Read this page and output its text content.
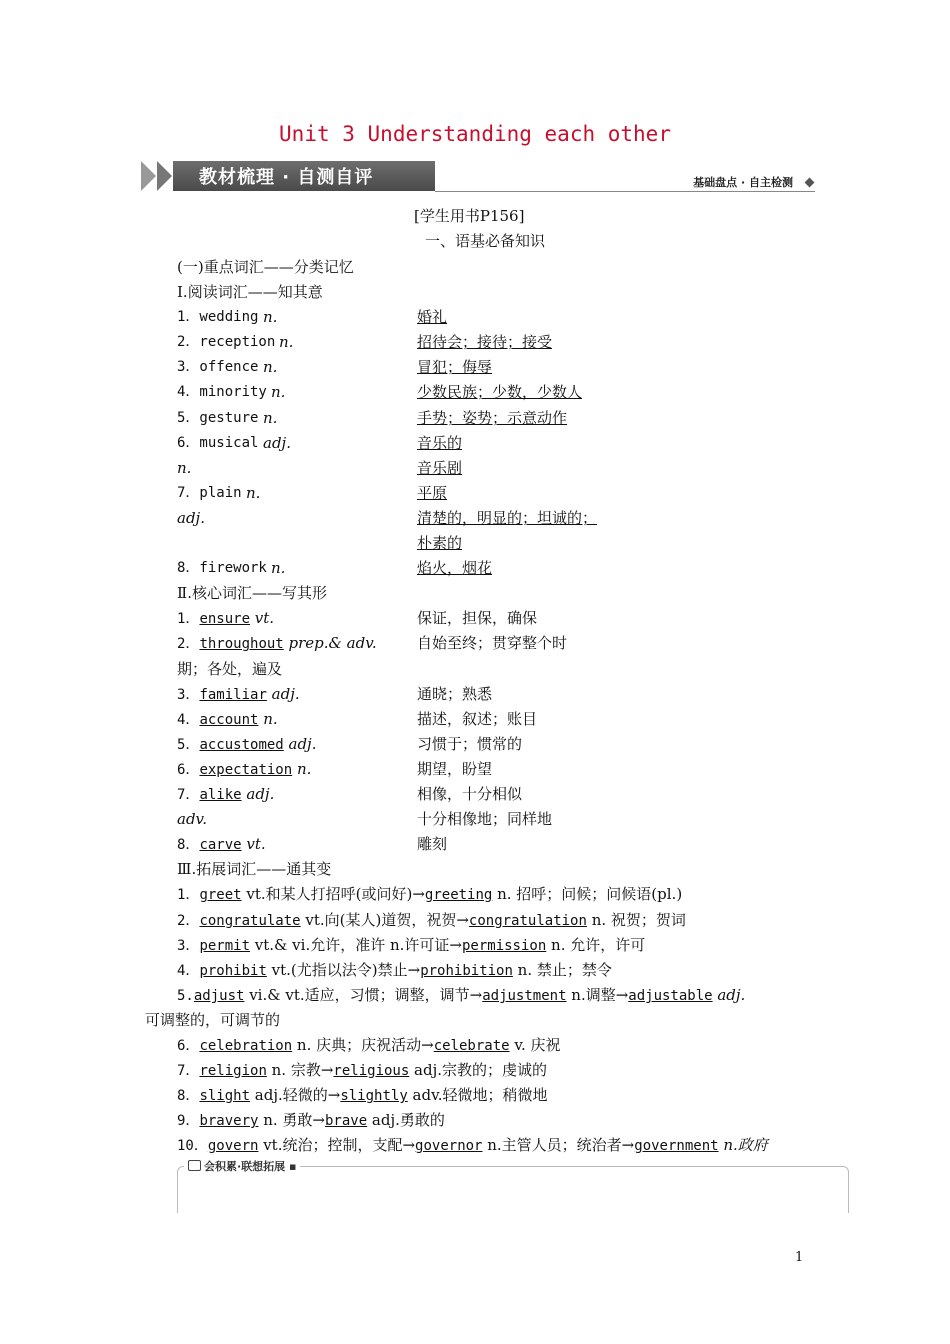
Unit 3 Understanding each other
教材梳理 · 自测自评	基础盘点 · 自主检测
[学生用书P156]
一、语基必备知识
(一)重点词汇——分类记忆
Ⅰ.阅读词汇——知其意
1．wedding n.	婚礼
2．reception n.	招待会；接待；接受
3．offence n.	冒犯；侮辱
4．minority n.	少数民族；少数，少数人
5．gesture n.	手势；姿势；示意动作
6．musical adj.	音乐的
n.	音乐剧
7．plain n.	平原
adj.	清楚的，明显的；坦诚的；
朴素的
8．firework n.	焰火，烟花
Ⅱ.核心词汇——写其形
1．ensure vt.	保证，担保，确保
2．throughout prep.& adv.	自始至终；贯穿整个时
期；各处，遍及
3．familiar adj.	通晓；熟悉
4．account n.	描述，叙述；账目
5．accustomed adj.	习惯于；惯常的
6．expectation n.	期望，盼望
7．alike adj.	相像，十分相似
adv.	十分相像地；同样地
8．carve vt.	雕刻
Ⅲ.拓展词汇——通其变
1．greet vt.和某人打招呼(或问好)→greeting n. 招呼；问候；问候语(pl.)
2．congratulate vt.向(某人)道贺，祝贺→congratulation n. 祝贺；贺词
3．permit vt.& vi.允许，准许 n.许可证→permission n. 允许，许可
4．prohibit vt.(尤指以法令)禁止→prohibition n. 禁止；禁令
5.adjust vi.& vt.适应，习惯；调整，调节→adjustment n.调整→adjustable adj.
可调整的，可调节的
6．celebration n. 庆典；庆祝活动→celebrate v. 庆祝
7．religion n. 宗教→religious adj.宗教的；虔诚的
8．slight adj.轻微的→slightly adv.轻微地；稍微地
9．bravery n. 勇敢→brave adj.勇敢的
10．govern vt.统治；控制，支配→governor n.主管人员；统治者→government n.政府
会积累·联想拓展 ▪
1
